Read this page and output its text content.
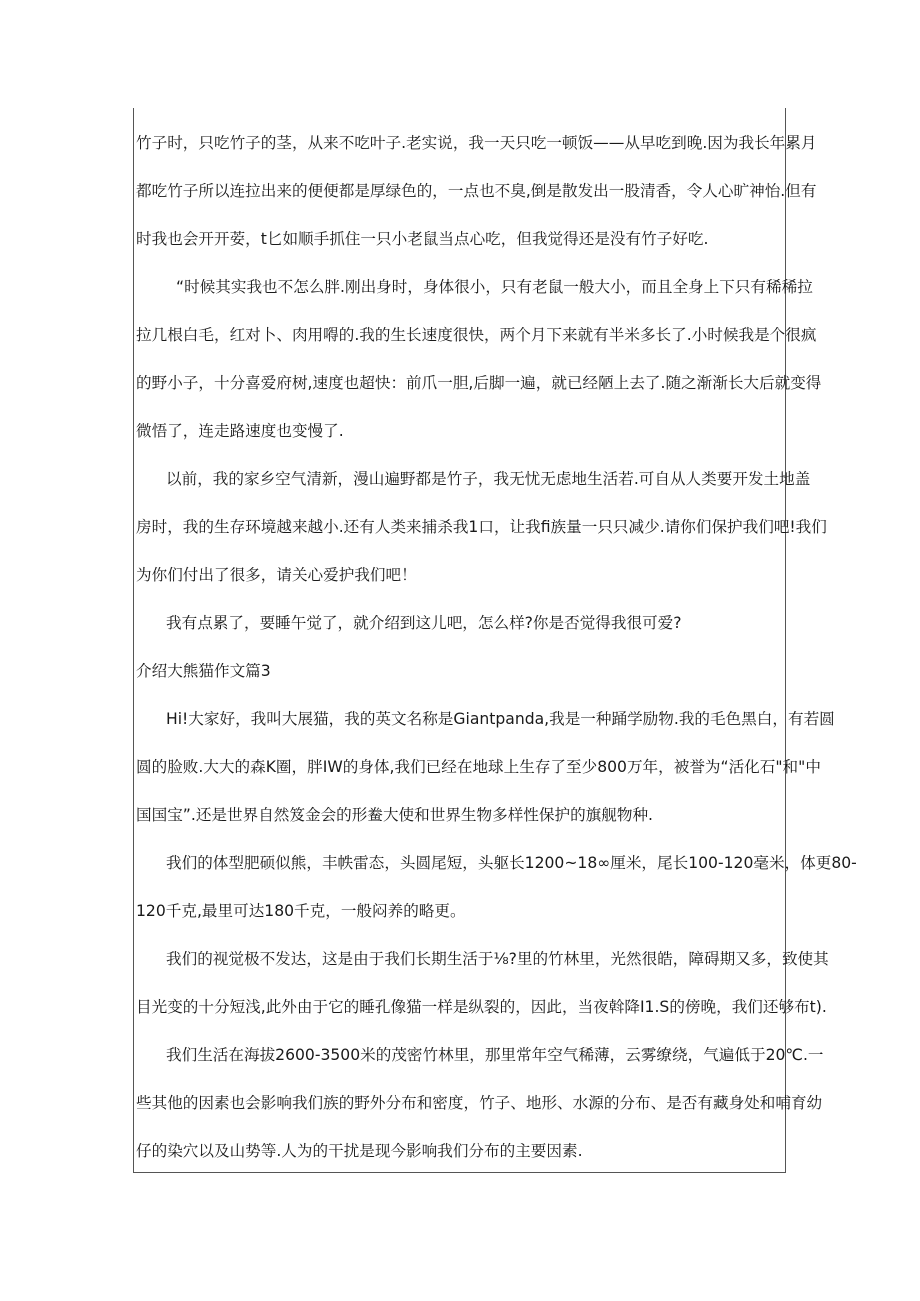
竹子时，只吃竹子的茎，从来不吃叶子.老实说，我一天只吃一顿饭——从早吃到晚.因为我长年累月
都吃竹子所以连拉出来的便便都是厚绿色的，一点也不臭,倒是散发出一股清香，令人心旷神怡.但有
时我也会开开荌，t匕如顺手抓住一只小老鼠当点心吃，但我觉得还是没有竹子好吃.
“时候其实我也不怎么胖.刚出身时，身体很小，只有老鼠一般大小，而且全身上下只有稀稀拉
拉几根白毛，红对卜、肉用嘚的.我的生长速度很快，两个月下来就有半米多长了.小时候我是个很疯
的野小子，十分喜爱府树,速度也超快：前爪一胆,后脚一遍，就已经陋上去了.随之渐渐长大后就变得
微悟了，连走路速度也变慢了.
以前，我的家乡空气清新，漫山遍野都是竹子，我无忧无虑地生活若.可自从人类要开发土地盖
房时，我的生存环境越来越小.还有人类来捕杀我1口，让我fi族量一只只减少.请你们保护我们吧!我们
为你们付出了很多，请关心爱护我们吧！
我有点累了，要睡午觉了，就介绍到这儿吧，怎么样?你是否觉得我很可爱?
介绍大熊猫作文篇3
Hi!大家好，我叫大展猫，我的英文名称是Giantpanda,我是一种踊学励物.我的毛色黑白，有若圆
圆的脸败.大大的森K圈，胖IW的身体,我们已经在地球上生存了至少800万年，被誉为“活化石"和"中
国国宝”.还是世界自然笈金会的形鲞大使和世界生物多样性保护的旗舰物种.
我们的体型肥硕似熊，丰帙雷态，头圆尾短，头躯长1200~18∞厘米，尾长100-120毫米，体更80-
120千克,最里可达180千克，一般闷养的略更。
我们的视觉极不发达，这是由于我们长期生活于⅛?里的竹林里，光然很皓，障碍期又多，致使其
目光变的十分短浅,此外由于它的睡孔像猫一样是纵裂的，因此，当夜斡降I1.S的傍晚，我们还够布t).
我们生活在海拔2600-3500米的茂密竹林里，那里常年空气稀薄，云雾缭绕，气遍低于20℃.一
些其他的因素也会影响我们族的野外分布和密度，竹子、地形、水源的分布、是否有藏身处和哺育幼
仔的染穴以及山势等.人为的干扰是现今影响我们分布的主要因素.
